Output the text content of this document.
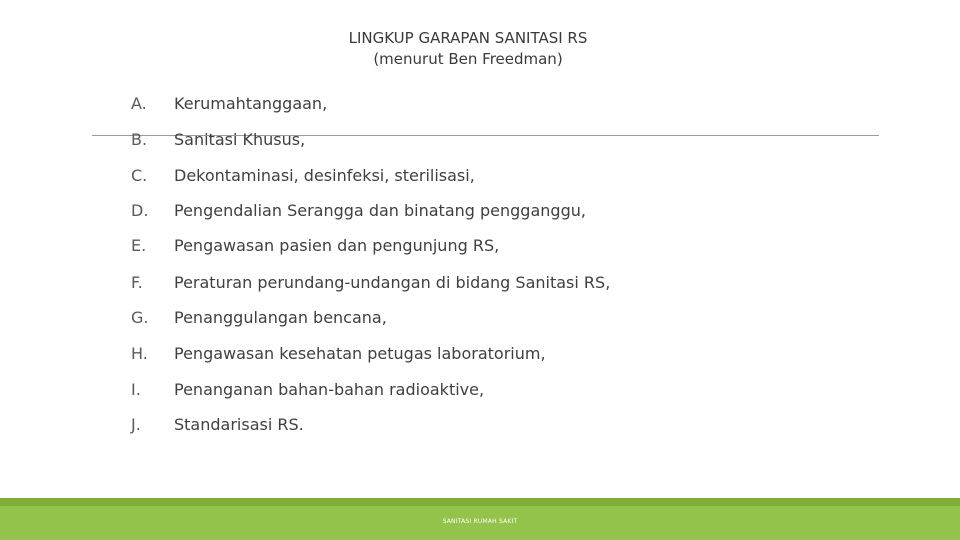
LINGKUP GARAPAN SANITASI RS
(menurut Ben Freedman)
A.	Kerumahtanggaan,
B.	Sanitasi Khusus,
C.	Dekontaminasi, desinfeksi, sterilisasi,
D.	Pengendalian Serangga dan binatang pengganggu,
E.	Pengawasan pasien dan pengunjung RS,
F.	Peraturan perundang-undangan di bidang Sanitasi RS,
G.	Penanggulangan bencana,
H.	Pengawasan kesehatan petugas laboratorium,
I.	Penanganan bahan-bahan radioaktive,
J.	Standarisasi RS.
SANITASI RUMAH SAKIT
